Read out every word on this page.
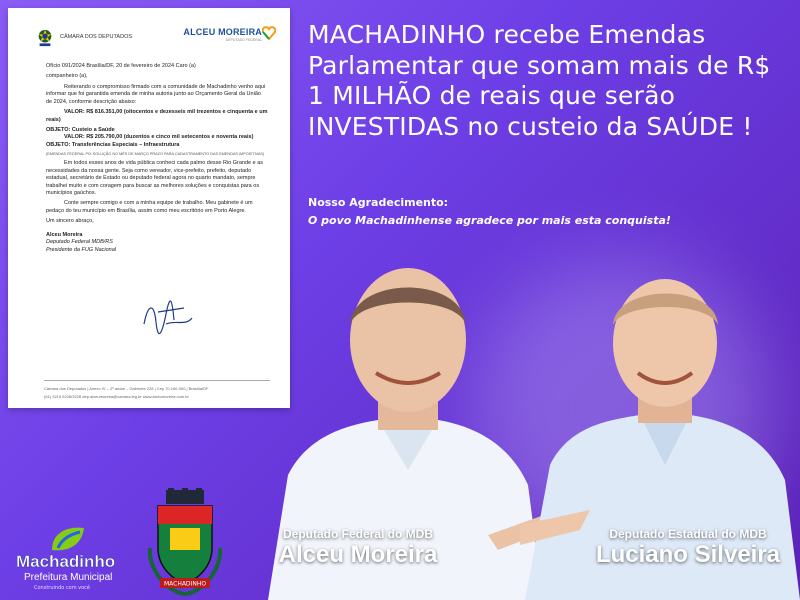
CÂMARA DOS DEPUTADOS
ALCEU MOREIRA
DEPUTADO FEDERAL

Ofício 091/2024 Brasília/DF, 20 de fevereiro de 2024 Caro (a)

companheiro (a),

Reiterando o compromisso firmado com a comunidade de Machadinho venho aqui informar que foi garantida emenda de minha autoria junto ao Orçamento Geral da União de 2024, conforme descrição abaixo:

VALOR: R$ 816.351,00 (oitocentos e dezesseis mil trezentos e cinquenta e um reais)

OBJETO: Custeio a Saúde

VALOR: R$ 205.790,00 (duzentos e cinco mil setecentos e noventa reais)

OBJETO: Transferências Especiais – Infraestrutura

(EMENDAS FEDERAL PIX SOLUÇÃO NO MÊS DE MARÇO PRAZO PARA CADASTRAMENTO DAS EMENDAS IMPOSITIVAS)

Em todos esses anos de vida pública conheci cada palmo desse Rio Grande e as necessidades da nossa gente. Seja como vereador, vice-prefeito, prefeito, deputado estadual, secretário de Estado ou deputado federal agora no quarto mandato, sempre trabalhei muito e com coragem para buscar as melhores soluções e conquistas para os municípios gaúchos.

Conte sempre comigo e com a minha equipe de trabalho. Meu gabinete é um pedaço do teu município em Brasília, assim como meu escritório em Porto Alegre.

Um sincero abraço,

Alceu Moreira
Deputado Federal MDB/RS
Presidente da FUG Nacional
Câmara dos Deputados | Anexo IV – 2º andar – Gabinete 228 | Cep 70.160-900 | Brasília/DF
(61) 3215.5228/3228 dep.alceumoreira@camara.leg.br www.alceumoreira.com.br
MACHADINHO recebe Emendas Parlamentar que somam mais de R$ 1 MILHÃO de reais que serão INVESTIDAS no custeio da SAÚDE !
Nosso Agradecimento:
O povo Machadinhense agradece por mais esta conquista!
Deputado Federal do MDB
Alceu Moreira
Deputado Estadual do MDB
Luciano Silveira
Machadinho
Prefeitura Municipal
Construindo com você
MACHADINHO
